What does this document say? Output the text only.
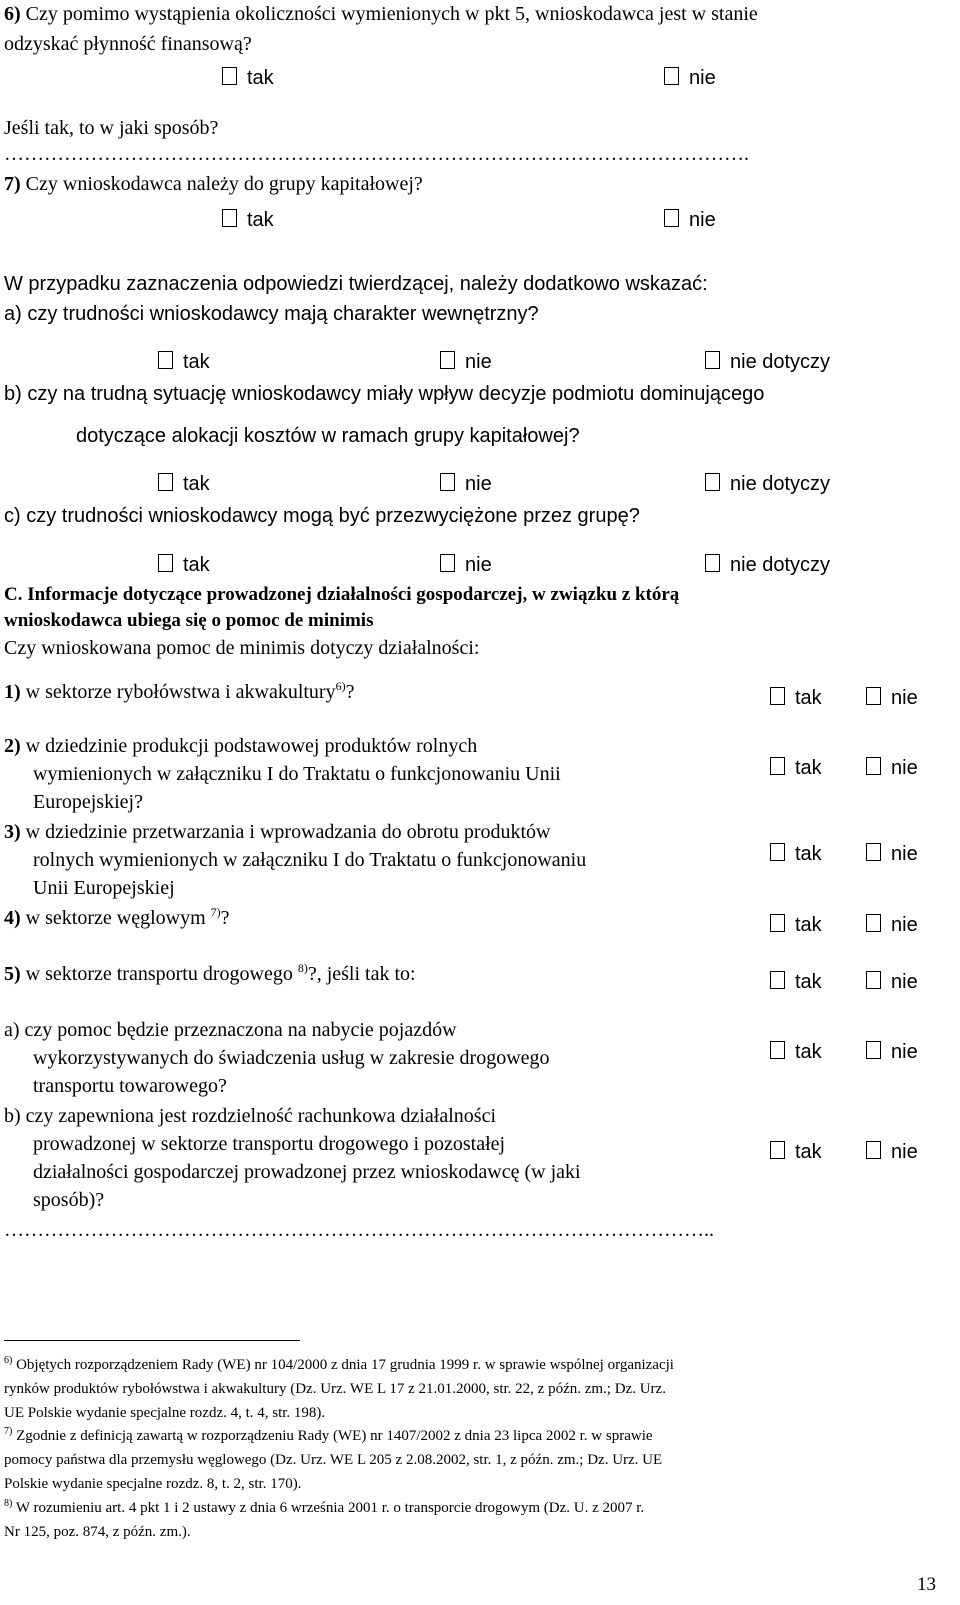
6) Czy pomimo wystąpienia okoliczności wymienionych w pkt 5, wnioskodawca jest w stanie
odzyskać płynność finansową?
tak	nie
Jeśli tak, to w jaki sposób?
………………………………………………………………………………………………….
7) Czy wnioskodawca należy do grupy kapitałowej?
tak	nie
W przypadku zaznaczenia odpowiedzi twierdzącej, należy dodatkowo wskazać:
a) czy trudności wnioskodawcy mają charakter wewnętrzny?
tak	nie	nie dotyczy
b) czy na trudną sytuację wnioskodawcy miały wpływ decyzje podmiotu dominującego
dotyczące alokacji kosztów w ramach grupy kapitałowej?
tak	nie	nie dotyczy
c) czy trudności wnioskodawcy mogą być przezwyciężone przez grupę?
tak	nie	nie dotyczy
C. Informacje dotyczące prowadzonej działalności gospodarczej, w związku z którą
wnioskodawca ubiega się o pomoc de minimis
Czy wnioskowana pomoc de minimis dotyczy działalności:
1) w sektorze rybołówstwa i akwakultury$^{6)}$?	tak	nie
2) w dziedzinie produkcji podstawowej produktów rolnych
wymienionych w załączniku I do Traktatu o funkcjonowaniu Unii
Europejskiej?
tak	nie
3) w dziedzinie przetwarzania i wprowadzania do obrotu produktów
rolnych wymienionych w załączniku I do Traktatu o funkcjonowaniu
Unii Europejskiej
tak	nie
4) w sektorze węglowym $^{7)}$?	tak	nie
5) w sektorze transportu drogowego $^{8)}$?, jeśli tak to:	tak	nie
a) czy pomoc będzie przeznaczona na nabycie pojazdów
wykorzystywanych do świadczenia usług w zakresie drogowego
transportu towarowego?
tak	nie
b) czy zapewniona jest rozdzielność rachunkowa działalności
prowadzonej w sektorze transportu drogowego i pozostałej
działalności gospodarczej prowadzonej przez wnioskodawcę (w jaki
sposób)?
tak	nie
……………………………………………………………………………………………..
$^{6)}$ Objętych rozporządzeniem Rady (WE) nr 104/2000 z dnia 17 grudnia 1999 r. w sprawie wspólnej organizacji
rynków produktów rybołówstwa i akwakultury (Dz. Urz. WE L 17 z 21.01.2000, str. 22, z późn. zm.; Dz. Urz.
UE Polskie wydanie specjalne rozdz. 4, t. 4, str. 198).
$^{7)}$ Zgodnie z definicją zawartą w rozporządzeniu Rady (WE) nr 1407/2002 z dnia 23 lipca 2002 r. w sprawie
pomocy państwa dla przemysłu węglowego (Dz. Urz. WE L 205 z 2.08.2002, str. 1, z późn. zm.; Dz. Urz. UE
Polskie wydanie specjalne rozdz. 8, t. 2, str. 170).
$^{8)}$ W rozumieniu art. 4 pkt 1 i 2 ustawy z dnia 6 września 2001 r. o transporcie drogowym (Dz. U. z 2007 r.
Nr 125, poz. 874, z późn. zm.).
13
